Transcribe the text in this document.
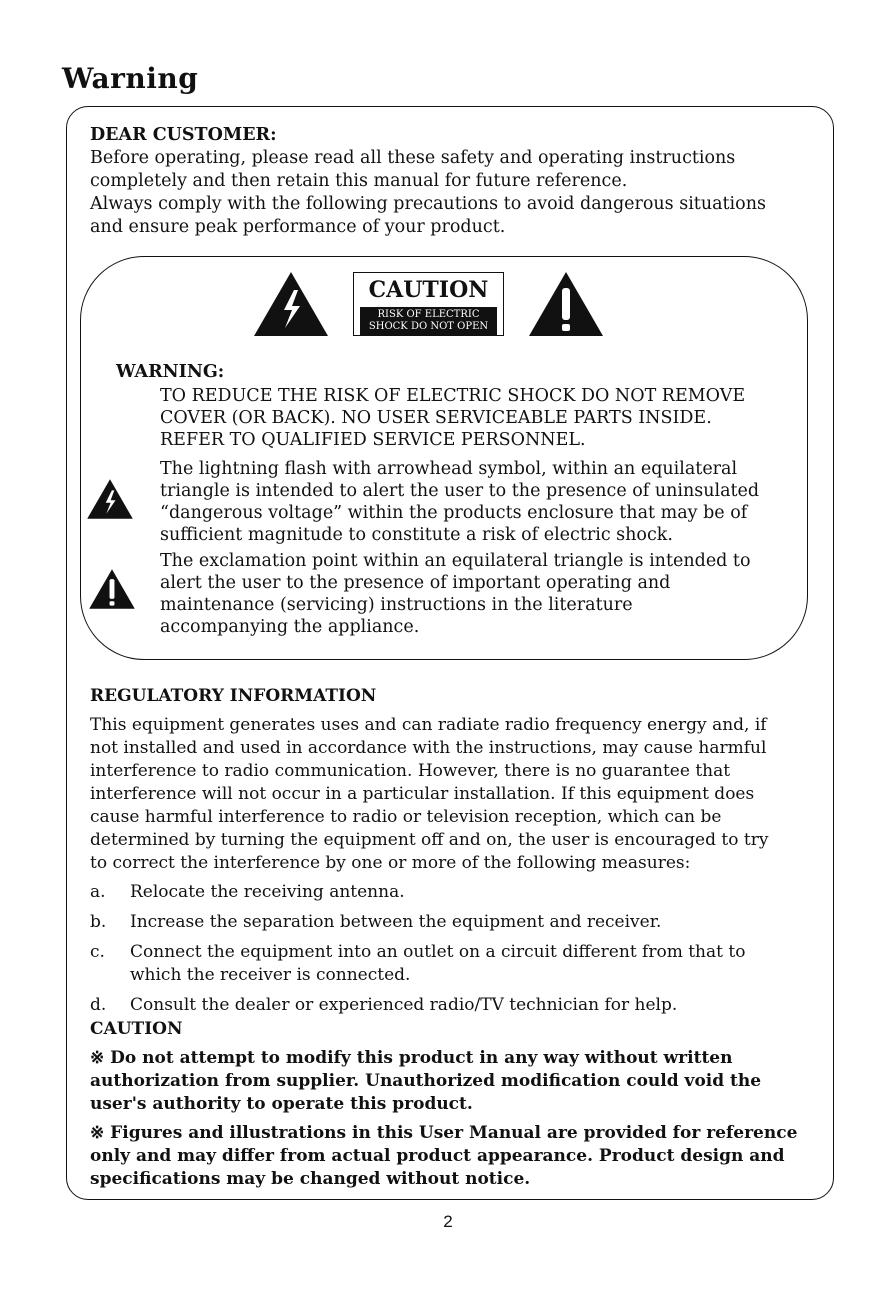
Warning

DEAR CUSTOMER:

Before operating, please read all these safety and operating instructions

completely and then retain this manual for future reference.

Always comply with the following precautions to avoid dangerous situations

and ensure peak performance of your product.

CAUTION
RISK OF ELECTRIC
SHOCK DO NOT OPEN
WARNING:

TO REDUCE THE RISK OF ELECTRIC SHOCK DO NOT REMOVE

COVER (OR BACK). NO USER SERVICEABLE PARTS INSIDE.

REFER TO QUALIFIED SERVICE PERSONNEL.

The lightning flash with arrowhead symbol, within an equilateral

triangle is intended to alert the user to the presence of uninsulated

“dangerous voltage” within the products enclosure that may be of

sufficient magnitude to constitute a risk of electric shock.

The exclamation point within an equilateral triangle is intended to

alert the user to the presence of important operating and

maintenance (servicing) instructions in the literature

accompanying the appliance.

REGULATORY INFORMATION

This equipment generates uses and can radiate radio frequency energy and, if

not installed and used in accordance with the instructions, may cause harmful

interference to radio communication. However, there is no guarantee that

interference will not occur in a particular installation. If this equipment does

cause harmful interference to radio or television reception, which can be

determined by turning the equipment off and on, the user is encouraged to try

to correct the interference by one or more of the following measures:

a.	Relocate the receiving antenna.
b.	Increase the separation between the equipment and receiver.
c.	Connect the equipment into an outlet on a circuit different from that to which the receiver is connected.
d.	Consult the dealer or experienced radio/TV technician for help.

CAUTION

※ Do not attempt to modify this product in any way without written

authorization from supplier. Unauthorized modification could void the

user's authority to operate this product.

※ Figures and illustrations in this User Manual are provided for reference

only and may differ from actual product appearance. Product design and

specifications may be changed without notice.

2
